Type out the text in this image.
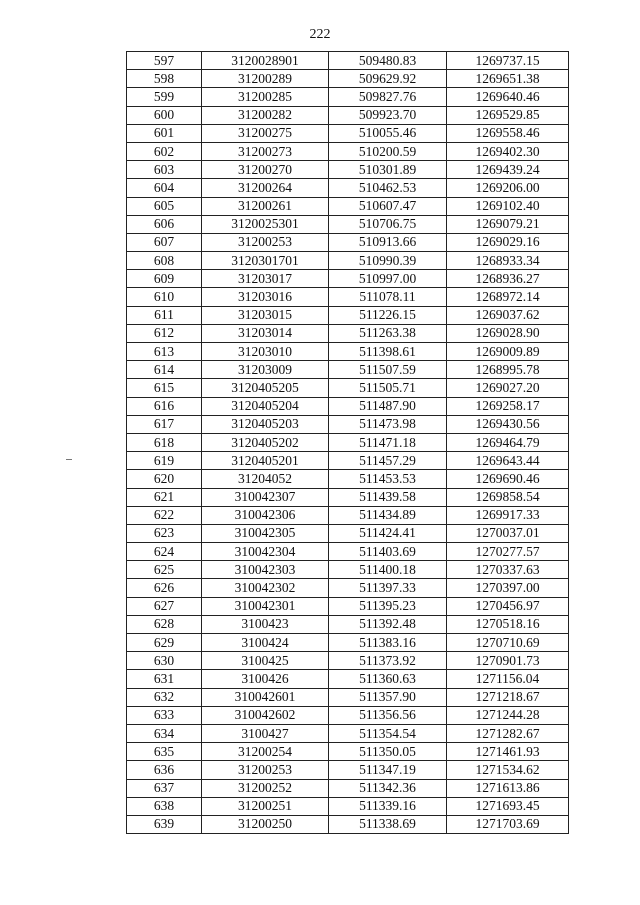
222
597	3120028901	509480.83	1269737.15
598	31200289	509629.92	1269651.38
599	31200285	509827.76	1269640.46
600	31200282	509923.70	1269529.85
601	31200275	510055.46	1269558.46
602	31200273	510200.59	1269402.30
603	31200270	510301.89	1269439.24
604	31200264	510462.53	1269206.00
605	31200261	510607.47	1269102.40
606	3120025301	510706.75	1269079.21
607	31200253	510913.66	1269029.16
608	3120301701	510990.39	1268933.34
609	31203017	510997.00	1268936.27
610	31203016	511078.11	1268972.14
611	31203015	511226.15	1269037.62
612	31203014	511263.38	1269028.90
613	31203010	511398.61	1269009.89
614	31203009	511507.59	1268995.78
615	3120405205	511505.71	1269027.20
616	3120405204	511487.90	1269258.17
617	3120405203	511473.98	1269430.56
618	3120405202	511471.18	1269464.79
619	3120405201	511457.29	1269643.44
620	31204052	511453.53	1269690.46
621	310042307	511439.58	1269858.54
622	310042306	511434.89	1269917.33
623	310042305	511424.41	1270037.01
624	310042304	511403.69	1270277.57
625	310042303	511400.18	1270337.63
626	310042302	511397.33	1270397.00
627	310042301	511395.23	1270456.97
628	3100423	511392.48	1270518.16
629	3100424	511383.16	1270710.69
630	3100425	511373.92	1270901.73
631	3100426	511360.63	1271156.04
632	310042601	511357.90	1271218.67
633	310042602	511356.56	1271244.28
634	3100427	511354.54	1271282.67
635	31200254	511350.05	1271461.93
636	31200253	511347.19	1271534.62
637	31200252	511342.36	1271613.86
638	31200251	511339.16	1271693.45
639	31200250	511338.69	1271703.69
